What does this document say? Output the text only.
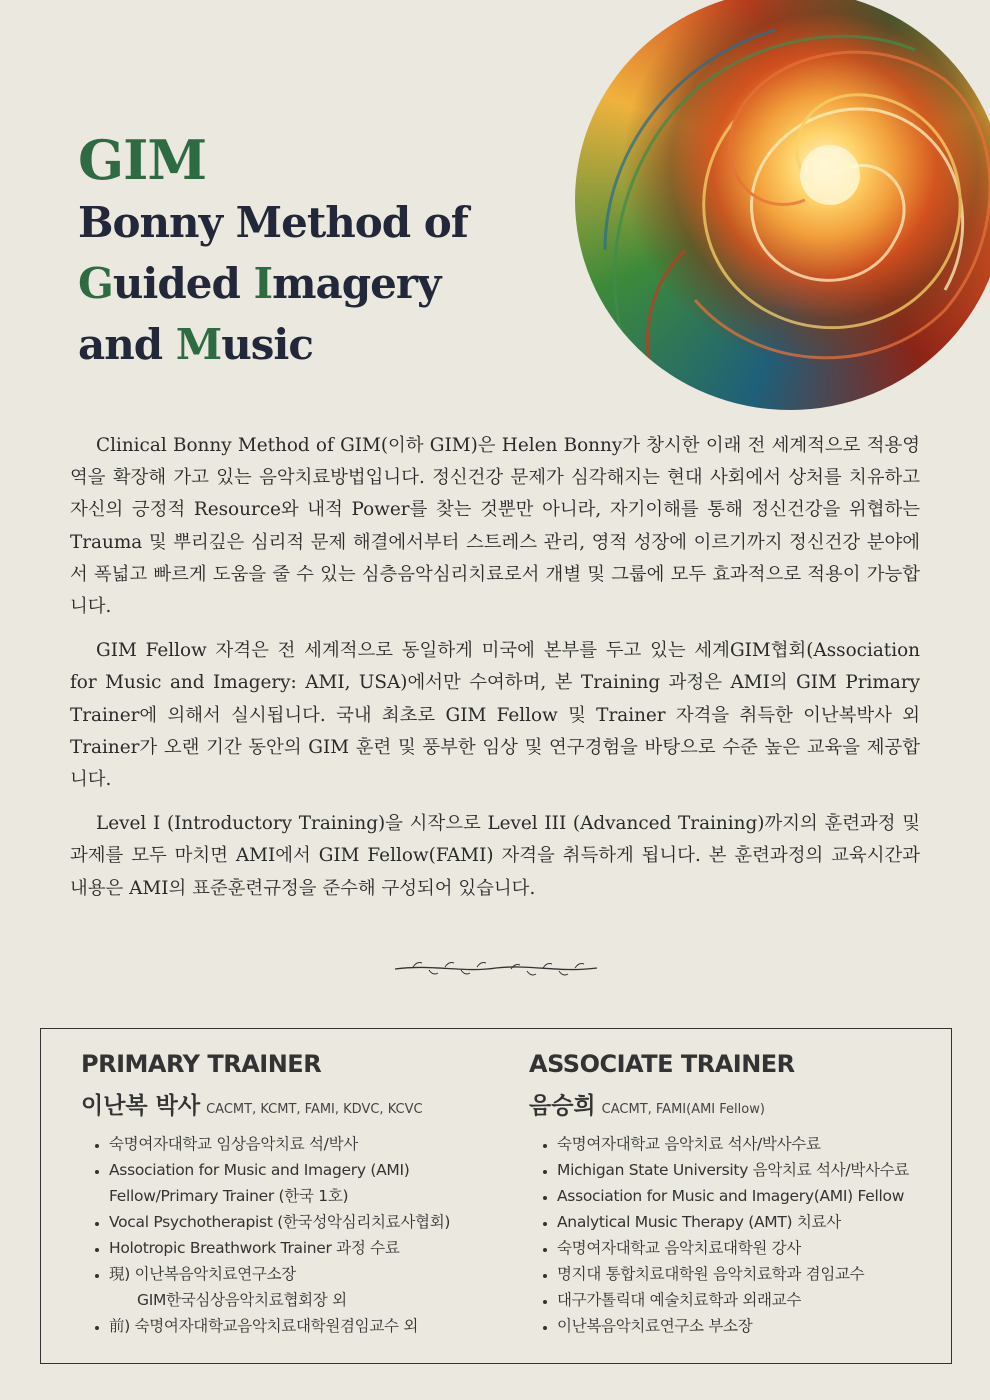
GIM
Bonny Method of
Guided Imagery
and Music

Clinical Bonny Method of GIM(이하 GIM)은 Helen Bonny가 창시한 이래 전 세계적으로 적용영역을 확장해 가고 있는 음악치료방법입니다. 정신건강 문제가 심각해지는 현대 사회에서 상처를 치유하고 자신의 긍정적 Resource와 내적 Power를 찾는 것뿐만 아니라, 자기이해를 통해 정신건강을 위협하는 Trauma 및 뿌리깊은 심리적 문제 해결에서부터 스트레스 관리, 영적 성장에 이르기까지 정신건강 분야에서 폭넓고 빠르게 도움을 줄 수 있는 심층음악심리치료로서 개별 및 그룹에 모두 효과적으로 적용이 가능합니다.

GIM Fellow 자격은 전 세계적으로 동일하게 미국에 본부를 두고 있는 세계GIM협회(Association for Music and Imagery: AMI, USA)에서만 수여하며, 본 Training 과정은 AMI의 GIM Primary Trainer에 의해서 실시됩니다. 국내 최초로 GIM Fellow 및 Trainer 자격을 취득한 이난복박사 외 Trainer가 오랜 기간 동안의 GIM 훈련 및 풍부한 임상 및 연구경험을 바탕으로 수준 높은 교육을 제공합니다.

Level I (Introductory Training)을 시작으로 Level III (Advanced Training)까지의 훈련과정 및 과제를 모두 마치면 AMI에서 GIM Fellow(FAMI) 자격을 취득하게 됩니다. 본 훈련과정의 교육시간과 내용은 AMI의 표준훈련규정을 준수해 구성되어 있습니다.

PRIMARY TRAINER
이난복 박사 CACMT, KCMT, FAMI, KDVC, KCVC
• 숙명여자대학교 임상음악치료 석/박사
• Association for Music and Imagery (AMI)
Fellow/Primary Trainer (한국 1호)
• Vocal Psychotherapist (한국성악심리치료사협회)
• Holotropic Breathwork Trainer 과정 수료
• 現) 이난복음악치료연구소장

GIM한국심상음악치료협회장 외
• 前) 숙명여자대학교음악치료대학원겸임교수 외
ASSOCIATE TRAINER
음승희 CACMT, FAMI(AMI Fellow)
• 숙명여자대학교 음악치료 석사/박사수료
• Michigan State University 음악치료 석사/박사수료
• Association for Music and Imagery(AMI) Fellow
• Analytical Music Therapy (AMT) 치료사
• 숙명여자대학교 음악치료대학원 강사
• 명지대 통합치료대학원 음악치료학과 겸임교수
• 대구가톨릭대 예술치료학과 외래교수
• 이난복음악치료연구소 부소장
